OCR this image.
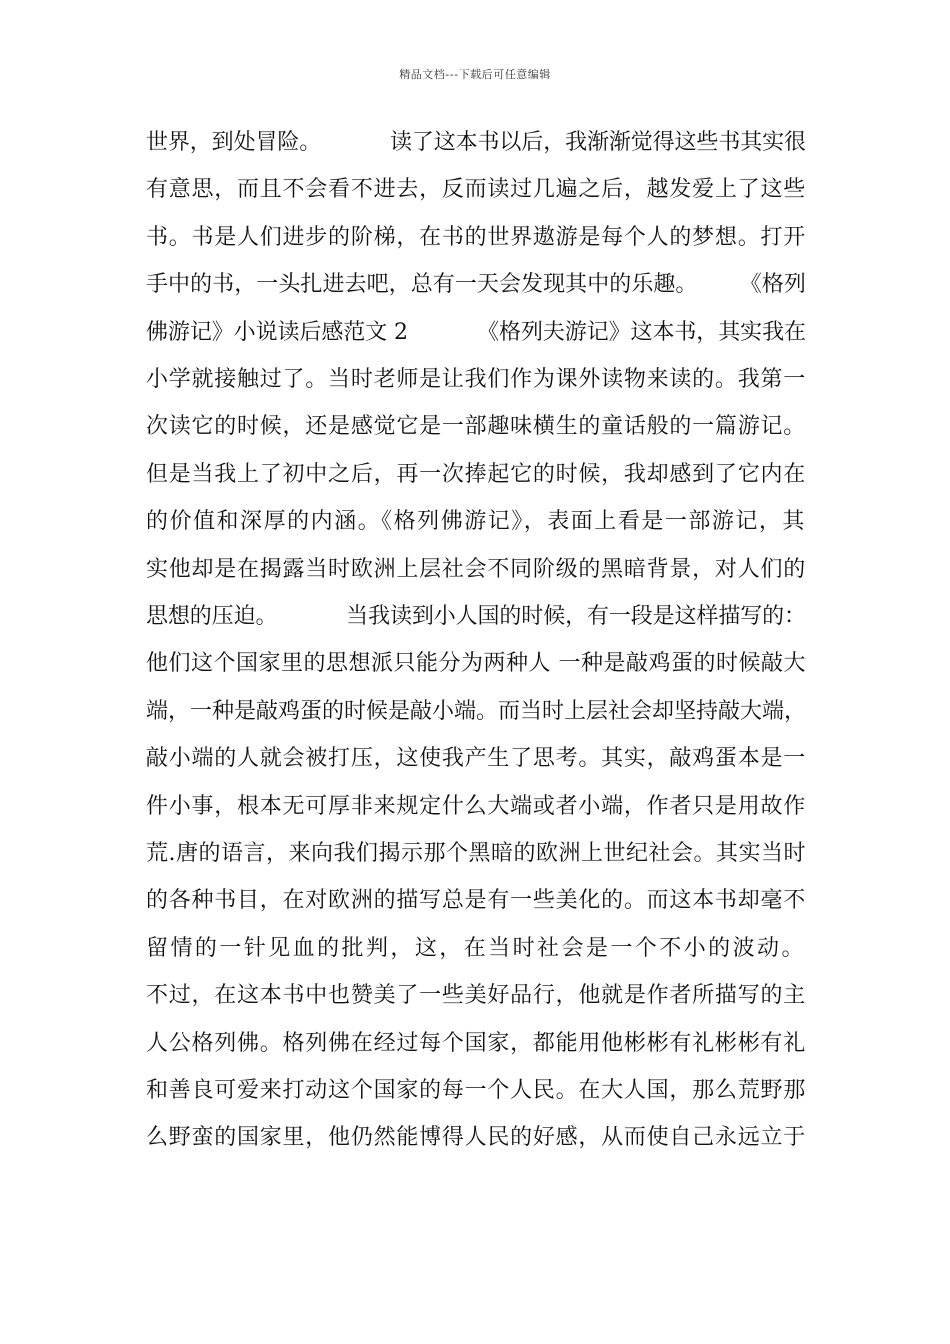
精品文档---下载后可任意编辑
世界，到处冒险。          读了这本书以后，我渐渐觉得这些书其实很
有意思，而且不会看不进去，反而读过几遍之后，越发爱上了这些
书。书是人们进步的阶梯，在书的世界遨游是每个人的梦想。打开
手中的书，一头扎进去吧，总有一天会发现其中的乐趣。      《格列
佛游记》小说读后感范文 2          《格列夫游记》这本书，其实我在
小学就接触过了。当时老师是让我们作为课外读物来读的。我第一
次读它的时候，还是感觉它是一部趣味横生的童话般的一篇游记。
但是当我上了初中之后，再一次捧起它的时候，我却感到了它内在
的价值和深厚的内涵。《格列佛游记》，表面上看是一部游记，其
实他却是在揭露当时欧洲上层社会不同阶级的黑暗背景，对人们的
思想的压迫。          当我读到小人国的时候，有一段是这样描写的：
他们这个国家里的思想派只能分为两种人 一种是敲鸡蛋的时候敲大
端，一种是敲鸡蛋的时候是敲小端。而当时上层社会却坚持敲大端，
敲小端的人就会被打压，这使我产生了思考。其实，敲鸡蛋本是一
件小事，根本无可厚非来规定什么大端或者小端，作者只是用故作
荒.唐的语言，来向我们揭示那个黑暗的欧洲上世纪社会。其实当时
的各种书目，在对欧洲的描写总是有一些美化的。而这本书却毫不
留情的一针见血的批判，这，在当时社会是一个不小的波动。
不过，在这本书中也赞美了一些美好品行，他就是作者所描写的主
人公格列佛。格列佛在经过每个国家，都能用他彬彬有礼彬彬有礼
和善良可爱来打动这个国家的每一个人民。在大人国，那么荒野那
么野蛮的国家里，他仍然能博得人民的好感，从而使自己永远立于
